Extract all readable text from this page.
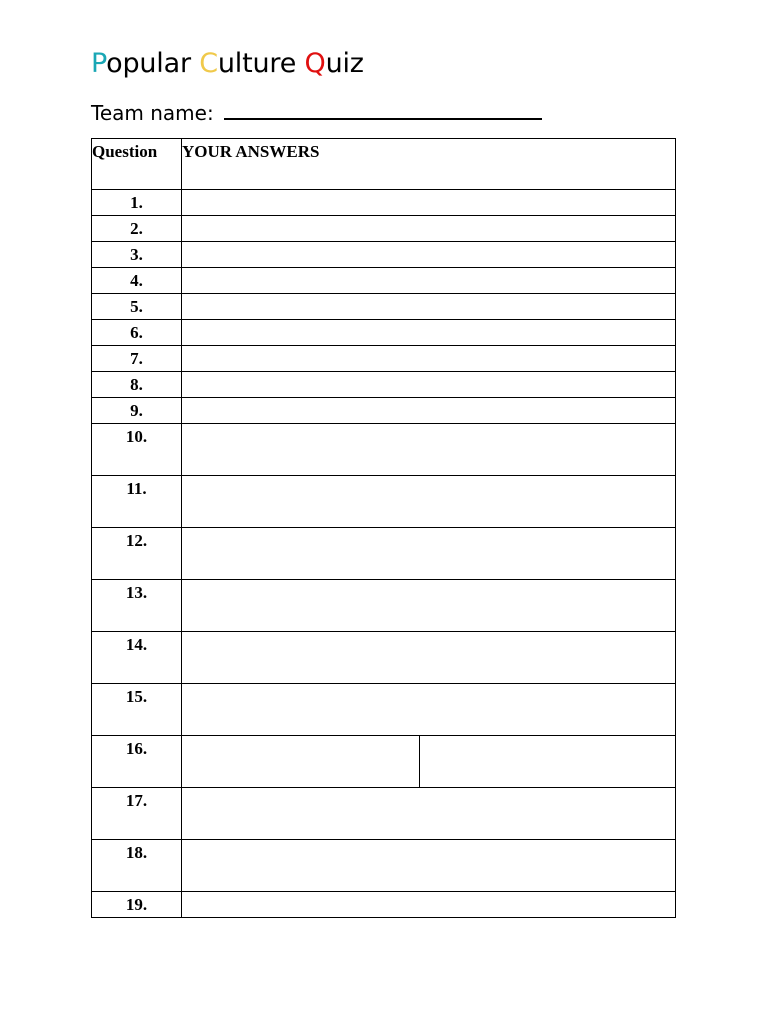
Popular Culture Quiz
Team name:
Question	YOUR ANSWERS
1.	
2.	
3.	
4.	
5.	
6.	
7.	
8.	
9.	
10.	
11.	
12.	
13.	
14.	
15.	
16.	

17.	
18.	
19.	
